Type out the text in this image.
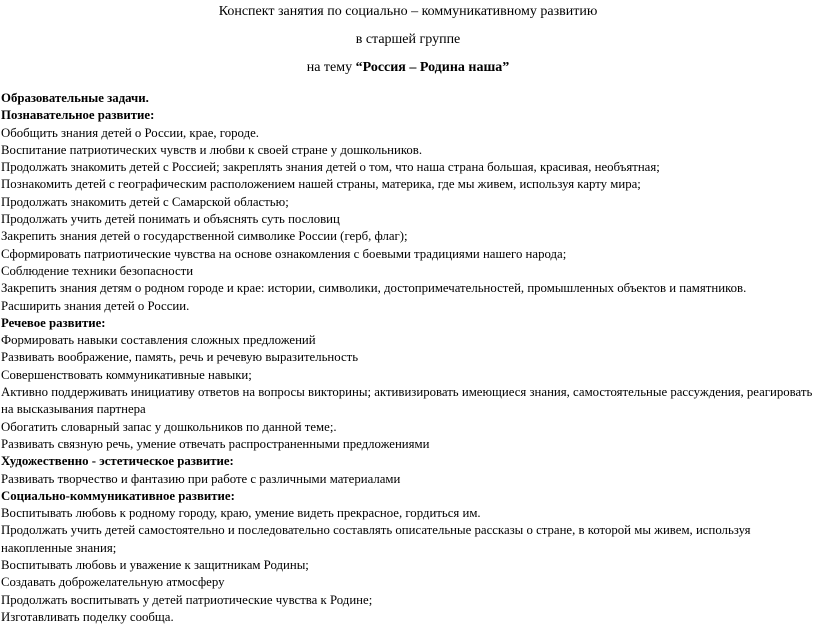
Конспект занятия по социально – коммуникативному развитию
в старшей группе
на тему “Россия – Родина наша”
Образовательные задачи.
Познавательное развитие:
Обобщить знания детей о России, крае, городе.
Воспитание патриотических чувств и любви к своей стране у дошкольников.
Продолжать знакомить детей с Россией; закреплять знания детей о том, что наша страна большая, красивая, необъятная;
Познакомить детей с географическим расположением нашей страны, материка, где мы живем, используя карту мира;
Продолжать знакомить детей с Самарской областью;
Продолжать учить детей понимать и объяснять суть пословиц
Закрепить знания детей о государственной символике России (герб, флаг);
Сформировать патриотические чувства на основе ознакомления с боевыми традициями нашего народа;
Соблюдение техники безопасности
Закрепить знания детям о родном городе и крае: истории, символики, достопримечательностей, промышленных объектов и памятников.
Расширить знания детей о России.
Речевое развитие:
Формировать навыки составления сложных предложений
Развивать воображение, память, речь и речевую выразительность
Совершенствовать коммуникативные навыки;
Активно поддерживать инициативу ответов на вопросы викторины; активизировать имеющиеся знания, самостоятельные рассуждения, реагировать на высказывания партнера
Обогатить словарный запас у дошкольников по данной теме;.
Развивать связную речь, умение отвечать распространенными предложениями
Художественно - эстетическое развитие:
Развивать творчество и фантазию при работе с различными материалами
Социально-коммуникативное развитие:
Воспитывать любовь к родному городу, краю, умение видеть прекрасное, гордиться им.
Продолжать учить детей самостоятельно и последовательно составлять описательные рассказы о стране, в которой мы живем, используя накопленные знания;
Воспитывать любовь и уважение к защитникам Родины;
Создавать доброжелательную атмосферу
Продолжать воспитывать у детей патриотические чувства к Родине;
Изготавливать поделку сообща.
